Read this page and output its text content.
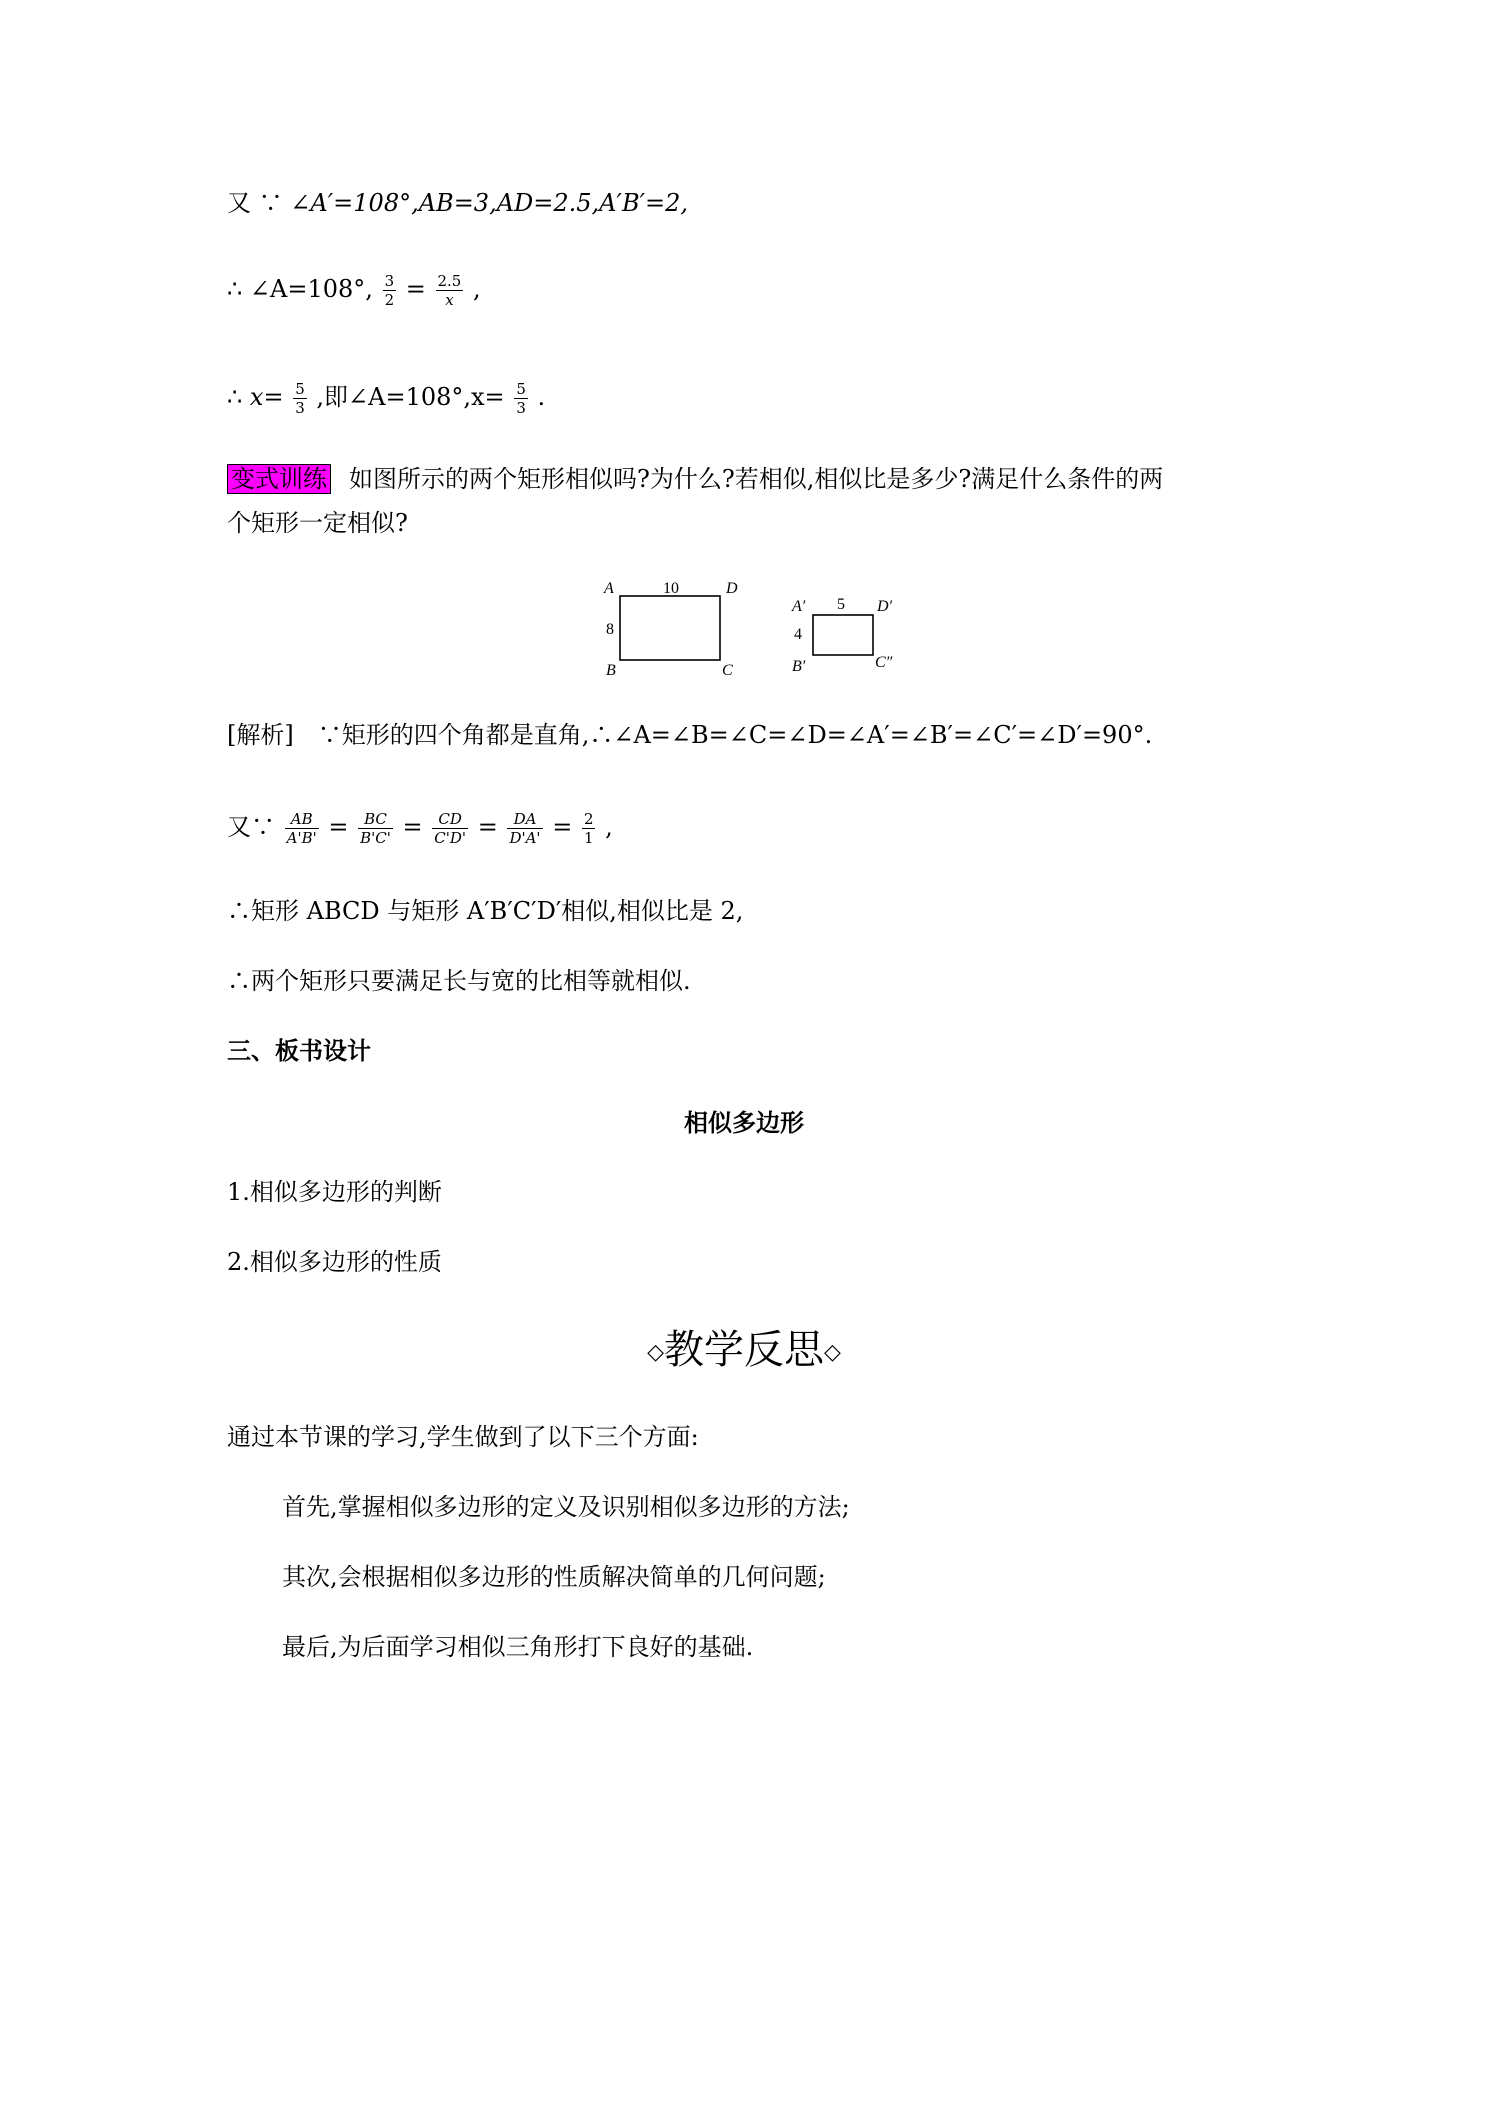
又 ∵ ∠A′=108°,AB=3,AD=2.5,A′B′=2,
∴ ∠A=108°, $\frac{3}{2} = \frac{2.5}{x}$ ,
∴ $x= \frac{5}{3}$ ,即∠A=108°,x= $\frac{5}{3}$ .
变式训练 如图所示的两个矩形相似吗?为什么?若相似,相似比是多少?满足什么条件的两
个矩形一定相似?
A	D
B	C
10
8
A′	D′
B′	C″
5
4
[解析] ∵矩形的四个角都是直角,∴∠A=∠B=∠C=∠D=∠A′=∠B′=∠C′=∠D′=90°.
又∵ $\frac{AB}{A'B'} = \frac{BC}{B'C'} = \frac{CD}{C'D'} = \frac{DA}{D'A'} = \frac{2}{1}$ ,
∴矩形 ABCD 与矩形 A′B′C′D′相似,相似比是 2,
∴两个矩形只要满足长与宽的比相等就相似.
三、板书设计
相似多边形
1.相似多边形的判断
2.相似多边形的性质
◇教学反思◇
通过本节课的学习,学生做到了以下三个方面:
首先,掌握相似多边形的定义及识别相似多边形的方法;
其次,会根据相似多边形的性质解决简单的几何问题;
最后,为后面学习相似三角形打下良好的基础.
